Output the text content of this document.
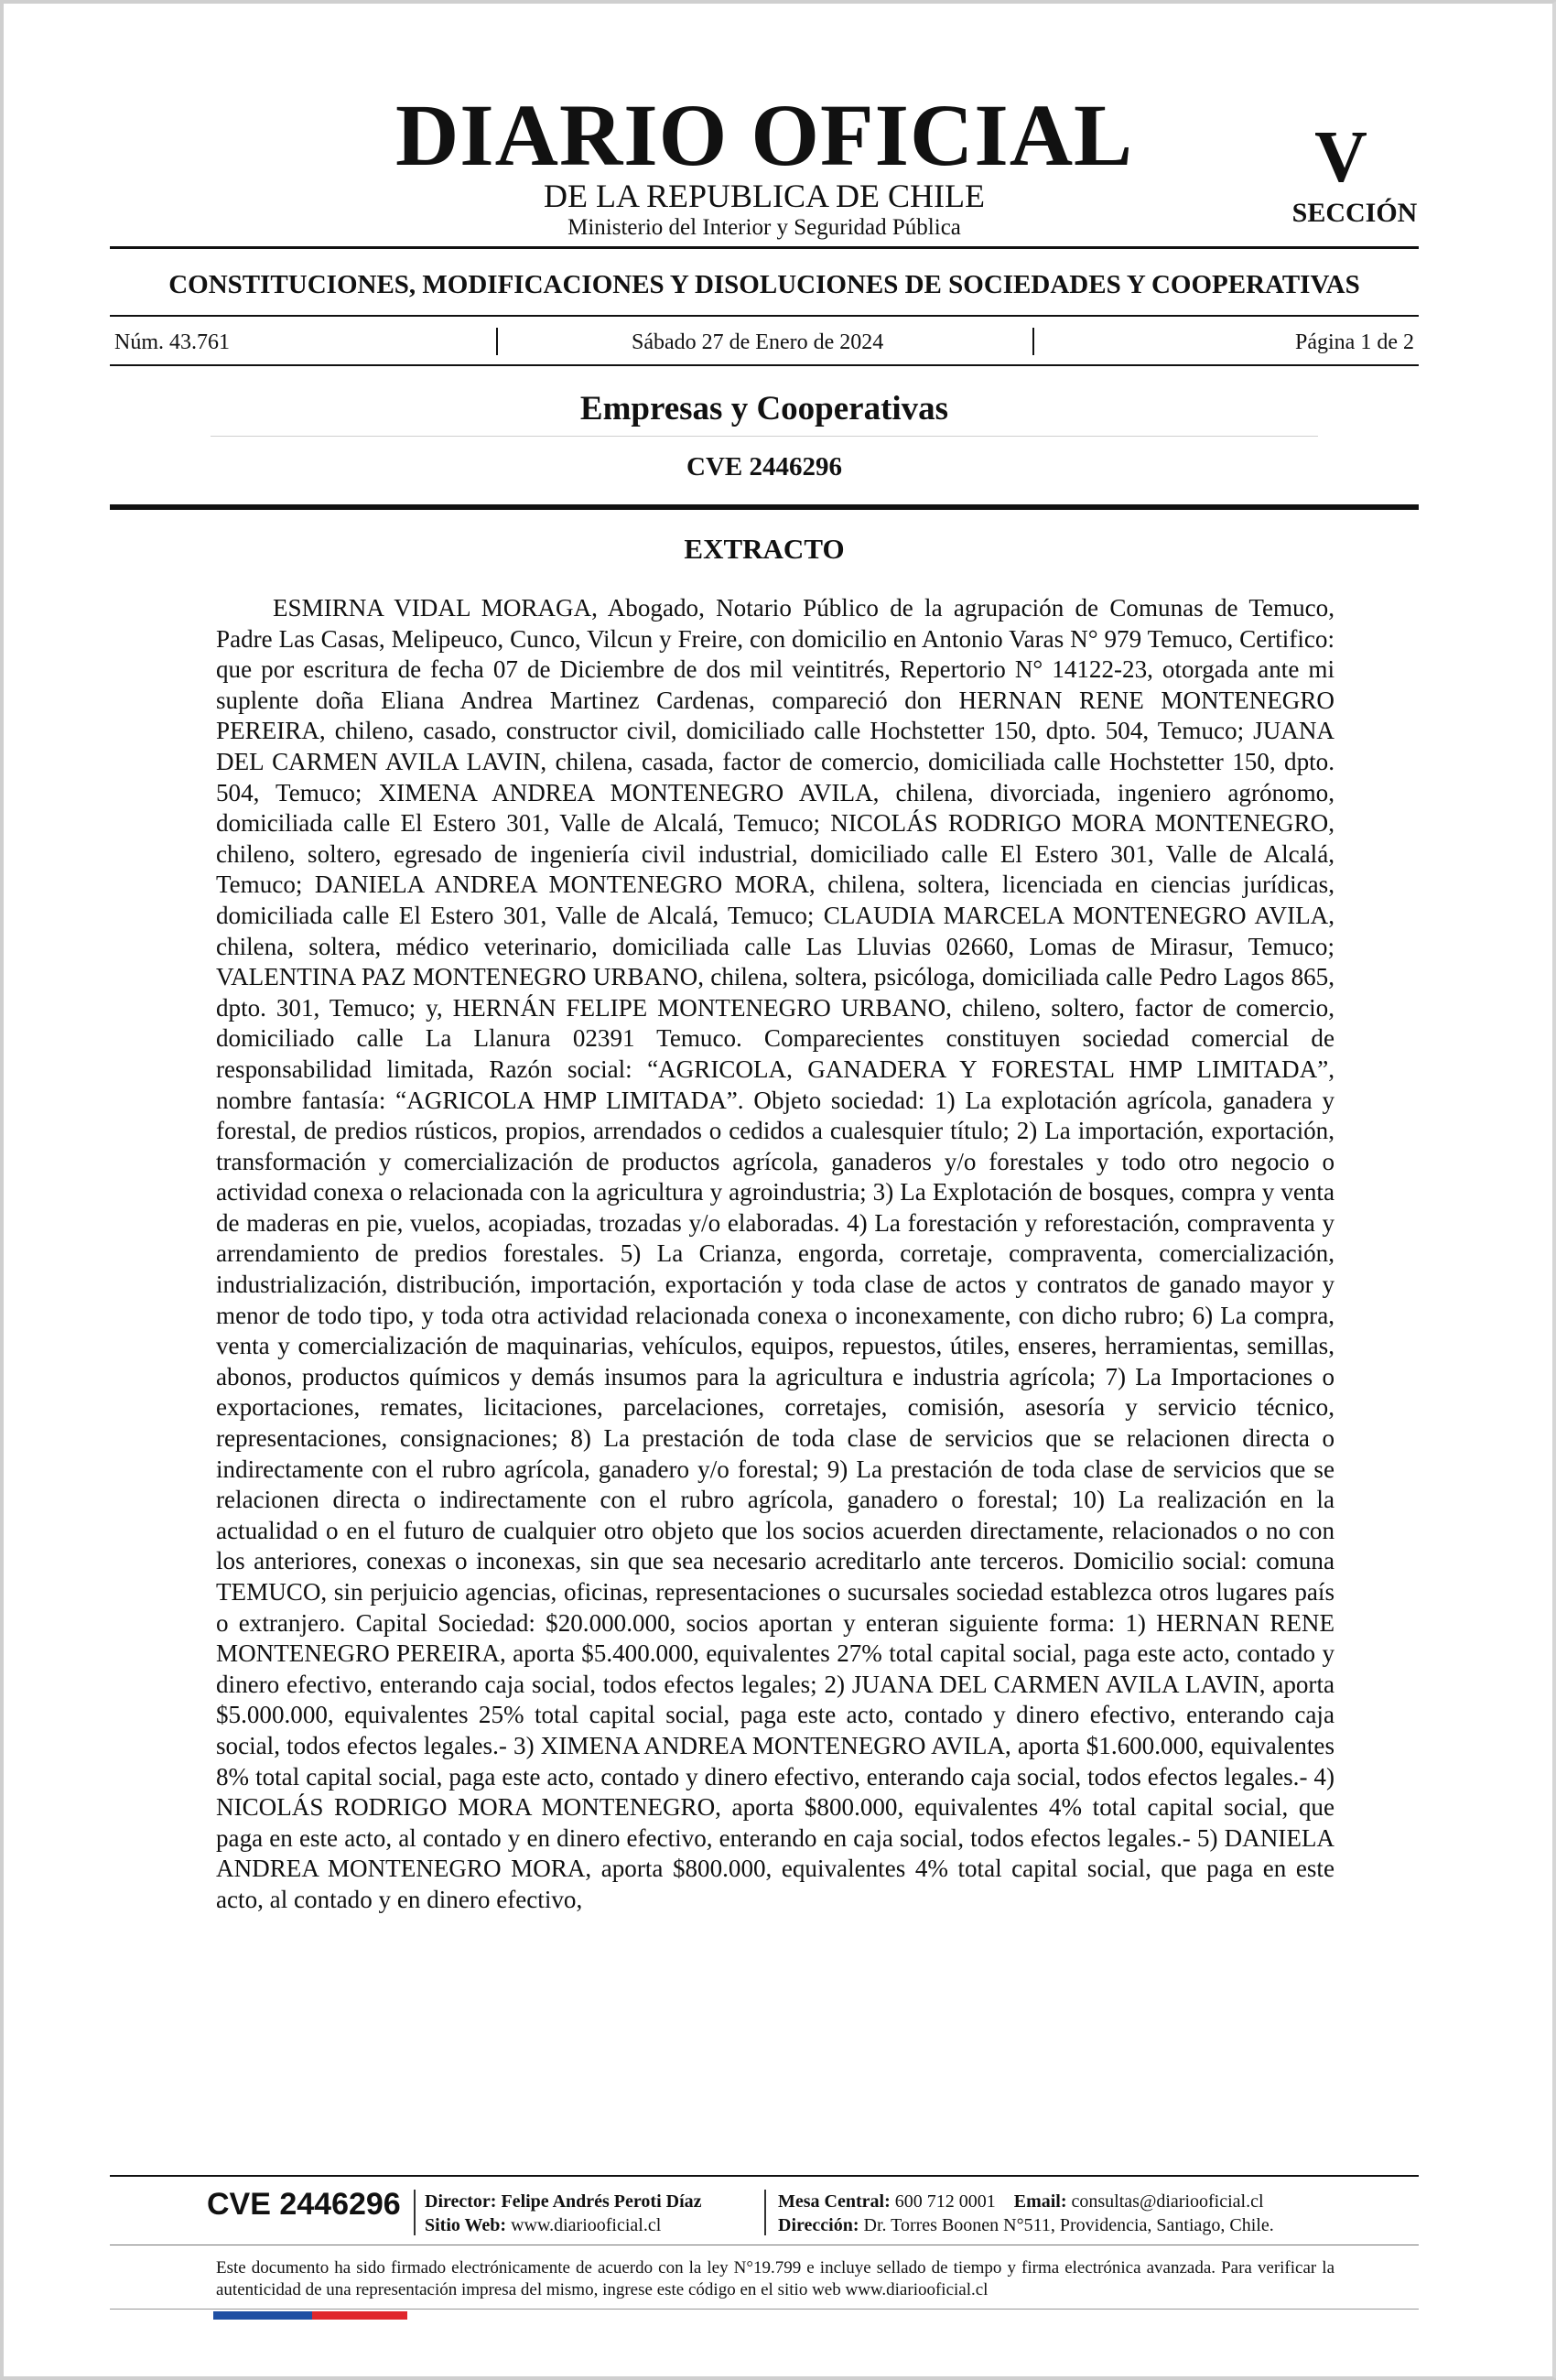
DIARIO OFICIAL
DE LA REPUBLICA DE CHILE
Ministerio del Interior y Seguridad Pública
V
SECCIÓN
CONSTITUCIONES, MODIFICACIONES Y DISOLUCIONES DE SOCIEDADES Y COOPERATIVAS
Núm. 43.761	Sábado 27 de Enero de 2024	Página 1 de 2
Empresas y Cooperativas
CVE 2446296
EXTRACTO

ESMIRNA VIDAL MORAGA, Abogado, Notario Público de la agrupación de Comunas de Temuco, Padre Las Casas, Melipeuco, Cunco, Vilcun y Freire, con domicilio en Antonio Varas N° 979 Temuco, Certifico: que por escritura de fecha 07 de Diciembre de dos mil veintitrés, Repertorio N° 14122-23, otorgada ante mi suplente doña Eliana Andrea Martinez Cardenas, compareció don HERNAN RENE MONTENEGRO PEREIRA, chileno, casado, constructor civil, domiciliado calle Hochstetter 150, dpto. 504, Temuco; JUANA DEL CARMEN AVILA LAVIN, chilena, casada, factor de comercio, domiciliada calle Hochstetter 150, dpto. 504, Temuco; XIMENA ANDREA MONTENEGRO AVILA, chilena, divorciada, ingeniero agrónomo, domiciliada calle El Estero 301, Valle de Alcalá, Temuco; NICOLÁS RODRIGO MORA MONTENEGRO, chileno, soltero, egresado de ingeniería civil industrial, domiciliado calle El Estero 301, Valle de Alcalá, Temuco; DANIELA ANDREA MONTENEGRO MORA, chilena, soltera, licenciada en ciencias jurídicas, domiciliada calle El Estero 301, Valle de Alcalá, Temuco; CLAUDIA MARCELA MONTENEGRO AVILA, chilena, soltera, médico veterinario, domiciliada calle Las Lluvias 02660, Lomas de Mirasur, Temuco; VALENTINA PAZ MONTENEGRO URBANO, chilena, soltera, psicóloga, domiciliada calle Pedro Lagos 865, dpto. 301, Temuco; y, HERNÁN FELIPE MONTENEGRO URBANO, chileno, soltero, factor de comercio, domiciliado calle La Llanura 02391 Temuco. Comparecientes constituyen sociedad comercial de responsabilidad limitada, Razón social: “AGRICOLA, GANADERA Y FORESTAL HMP LIMITADA”, nombre fantasía: “AGRICOLA HMP LIMITADA”. Objeto sociedad: 1) La explotación agrícola, ganadera y forestal, de predios rústicos, propios, arrendados o cedidos a cualesquier título; 2) La importación, exportación, transformación y comercialización de productos agrícola, ganaderos y/o forestales y todo otro negocio o actividad conexa o relacionada con la agricultura y agroindustria; 3) La Explotación de bosques, compra y venta de maderas en pie, vuelos, acopiadas, trozadas y/o elaboradas. 4) La forestación y reforestación, compraventa y arrendamiento de predios forestales. 5) La Crianza, engorda, corretaje, compraventa, comercialización, industrialización, distribución, importación, exportación y toda clase de actos y contratos de ganado mayor y menor de todo tipo, y toda otra actividad relacionada conexa o inconexamente, con dicho rubro; 6) La compra, venta y comercialización de maquinarias, vehículos, equipos, repuestos, útiles, enseres, herramientas, semillas, abonos, productos químicos y demás insumos para la agricultura e industria agrícola; 7) La Importaciones o exportaciones, remates, licitaciones, parcelaciones, corretajes, comisión, asesoría y servicio técnico, representaciones, consignaciones; 8) La prestación de toda clase de servicios que se relacionen directa o indirectamente con el rubro agrícola, ganadero y/o forestal; 9) La prestación de toda clase de servicios que se relacionen directa o indirectamente con el rubro agrícola, ganadero o forestal; 10) La realización en la actualidad o en el futuro de cualquier otro objeto que los socios acuerden directamente, relacionados o no con los anteriores, conexas o inconexas, sin que sea necesario acreditarlo ante terceros. Domicilio social: comuna TEMUCO, sin perjuicio agencias, oficinas, representaciones o sucursales sociedad establezca otros lugares país o extranjero. Capital Sociedad: $20.000.000, socios aportan y enteran siguiente forma: 1) HERNAN RENE MONTENEGRO PEREIRA, aporta $5.400.000, equivalentes 27% total capital social, paga este acto, contado y dinero efectivo, enterando caja social, todos efectos legales; 2) JUANA DEL CARMEN AVILA LAVIN, aporta $5.000.000, equivalentes 25% total capital social, paga este acto, contado y dinero efectivo, enterando caja social, todos efectos legales.- 3) XIMENA ANDREA MONTENEGRO AVILA, aporta $1.600.000, equivalentes 8% total capital social, paga este acto, contado y dinero efectivo, enterando caja social, todos efectos legales.- 4) NICOLÁS RODRIGO MORA MONTENEGRO, aporta $800.000, equivalentes 4% total capital social, que paga en este acto, al contado y en dinero efectivo, enterando en caja social, todos efectos legales.- 5) DANIELA ANDREA MONTENEGRO MORA, aporta $800.000, equivalentes 4% total capital social, que paga en este acto, al contado y en dinero efectivo,

CVE 2446296 Director: Felipe Andrés Peroti Díaz
Sitio Web: www.diariooficial.cl
Mesa Central: 600 712 0001 Email: consultas@diariooficial.cl
Dirección: Dr. Torres Boonen N°511, Providencia, Santiago, Chile.
Este documento ha sido firmado electrónicamente de acuerdo con la ley N°19.799 e incluye sellado de tiempo y firma electrónica avanzada. Para verificar la autenticidad de una representación impresa del mismo, ingrese este código en el sitio web www.diariooficial.cl
